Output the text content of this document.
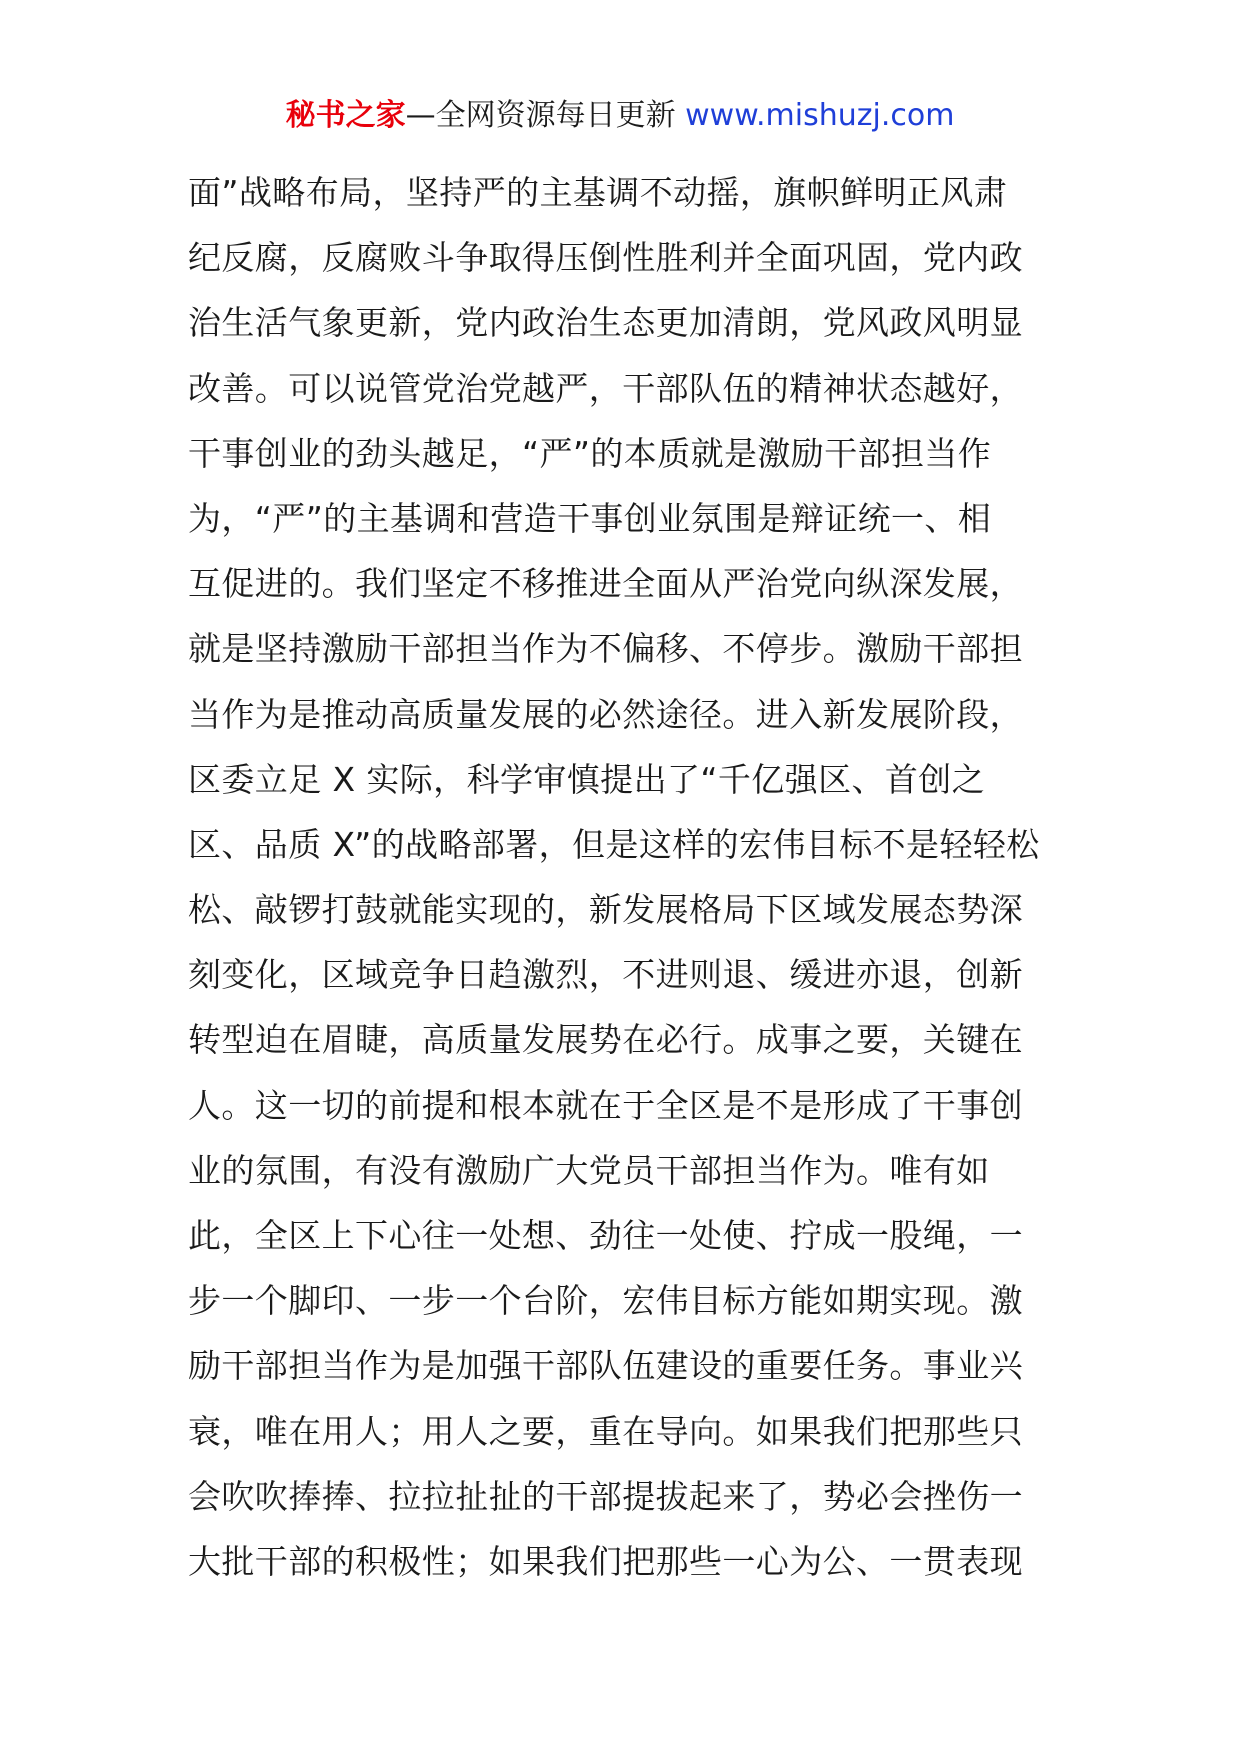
秘书之家—全网资源每日更新 www.mishuzj.com
面”战略布局，坚持严的主基调不动摇，旗帜鲜明正风肃
纪反腐，反腐败斗争取得压倒性胜利并全面巩固，党内政
治生活气象更新，党内政治生态更加清朗，党风政风明显
改善。可以说管党治党越严，干部队伍的精神状态越好，
干事创业的劲头越足，“严”的本质就是激励干部担当作
为，“严”的主基调和营造干事创业氛围是辩证统一、相
互促进的。我们坚定不移推进全面从严治党向纵深发展，
就是坚持激励干部担当作为不偏移、不停步。激励干部担
当作为是推动高质量发展的必然途径。进入新发展阶段，
区委立足 X 实际，科学审慎提出了“千亿强区、首创之
区、品质 X”的战略部署，但是这样的宏伟目标不是轻轻松
松、敲锣打鼓就能实现的，新发展格局下区域发展态势深
刻变化，区域竞争日趋激烈，不进则退、缓进亦退，创新
转型迫在眉睫，高质量发展势在必行。成事之要，关键在
人。这一切的前提和根本就在于全区是不是形成了干事创
业的氛围，有没有激励广大党员干部担当作为。唯有如
此，全区上下心往一处想、劲往一处使、拧成一股绳，一
步一个脚印、一步一个台阶，宏伟目标方能如期实现。激
励干部担当作为是加强干部队伍建设的重要任务。事业兴
衰，唯在用人；用人之要，重在导向。如果我们把那些只
会吹吹捧捧、拉拉扯扯的干部提拔起来了，势必会挫伤一
大批干部的积极性；如果我们把那些一心为公、一贯表现
